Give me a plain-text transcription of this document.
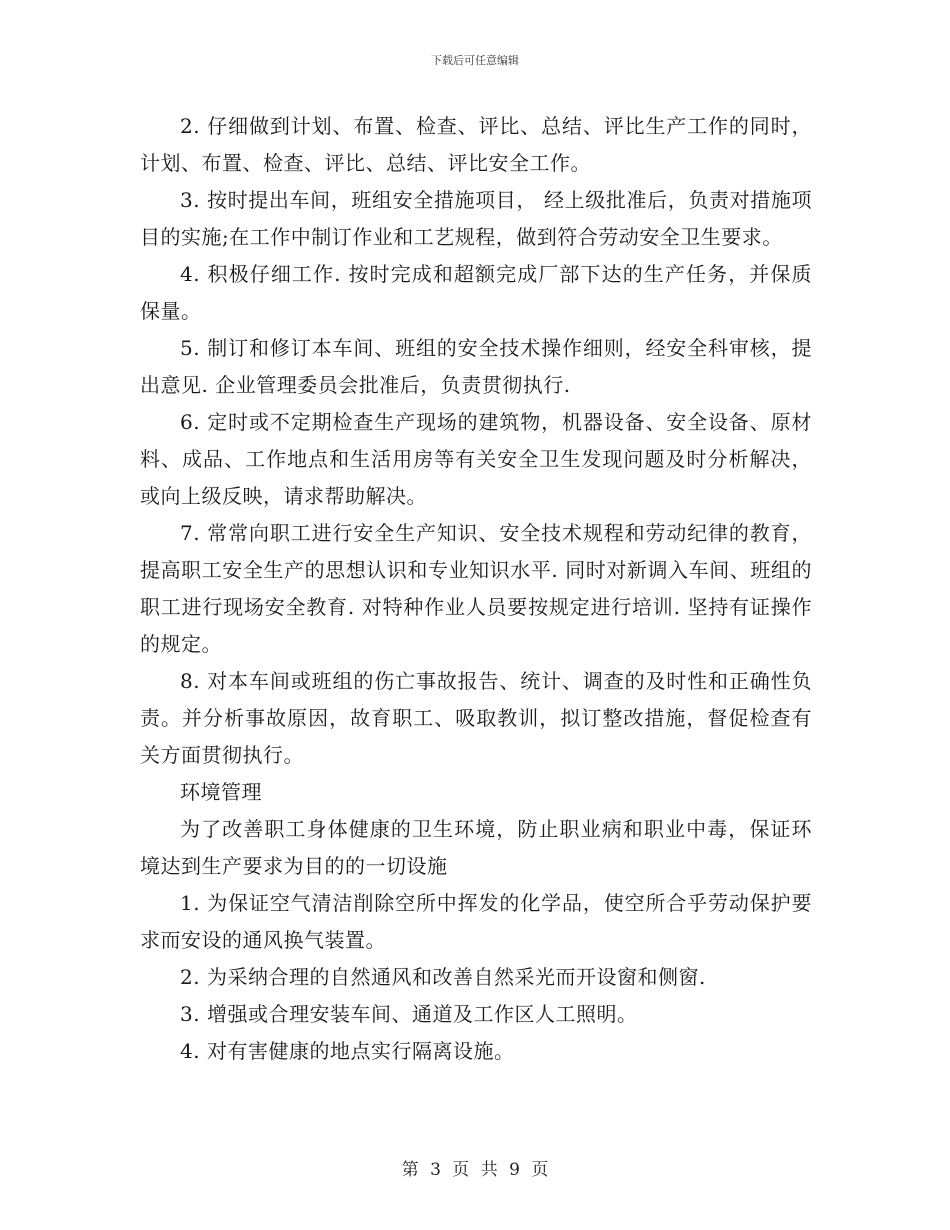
下载后可任意编辑

2. 仔细做到计划、布置、检查、评比、总结、评比生产工作的同时，计划、布置、检查、评比、总结、评比安全工作。

3. 按时提出车间，班组安全措施项目， 经上级批准后，负责对措施项目的实施;在工作中制订作业和工艺规程，做到符合劳动安全卫生要求。

4. 积极仔细工作. 按时完成和超额完成厂部下达的生产任务，并保质保量。

5. 制订和修订本车间、班组的安全技术操作细则，经安全科审核，提出意见. 企业管理委员会批准后，负责贯彻执行.

6. 定时或不定期检查生产现场的建筑物，机器设备、安全设备、原材料、成品、工作地点和生活用房等有关安全卫生发现问题及时分析解决，或向上级反映，请求帮助解决。

7. 常常向职工进行安全生产知识、安全技术规程和劳动纪律的教育，提高职工安全生产的思想认识和专业知识水平. 同时对新调入车间、班组的职工进行现场安全教育. 对特种作业人员要按规定进行培训. 坚持有证操作的规定。

8. 对本车间或班组的伤亡事故报告、统计、调查的及时性和正确性负责。并分析事故原因，故育职工、吸取教训，拟订整改措施，督促检查有关方面贯彻执行。

环境管理

为了改善职工身体健康的卫生环境，防止职业病和职业中毒，保证环境达到生产要求为目的的一切设施

1. 为保证空气清洁削除空所中挥发的化学品，使空所合乎劳动保护要求而安设的通风换气装置。

2. 为采纳合理的自然通风和改善自然采光而开设窗和侧窗.

3. 增强或合理安装车间、通道及工作区人工照明。

4. 对有害健康的地点实行隔离设施。

第 3 页 共 9 页
